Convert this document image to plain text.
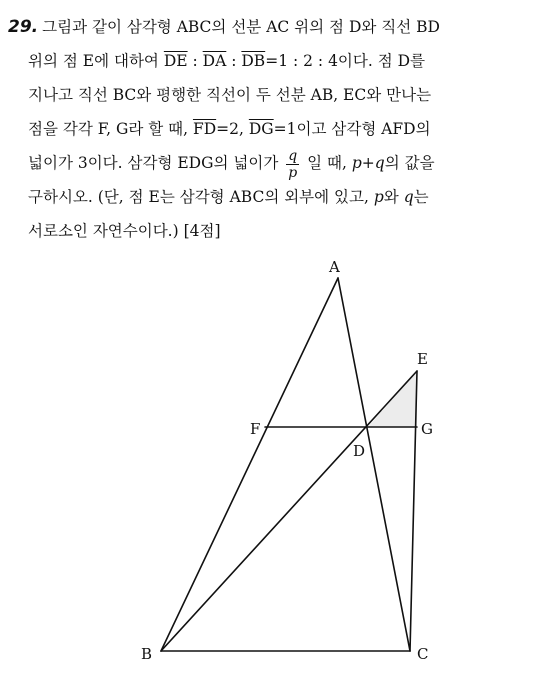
29. 그림과 같이 삼각형 ABC의 선분 AC 위의 점 D와 직선 BD
위의 점 E에 대하여 $\overline{DE}$ : $\overline{DA}$ : $\overline{DB}=1$ : 2 : 4이다. 점 D를
지나고 직선 BC와 평행한 직선이 두 선분 AB, EC와 만나는
점을 각각 F, G라 할 때, $\overline{FD}=2$, $\overline{DG}=1$이고 삼각형 AFD의
넓이가 3이다. 삼각형 EDG의 넓이가 $\frac{q}{p}$ 일 때, p+q의 값을
구하시오. (단, 점 E는 삼각형 ABC의 외부에 있고, p와 q는
서로소인 자연수이다.) [4점]
A
B	C
D
E
F	G
